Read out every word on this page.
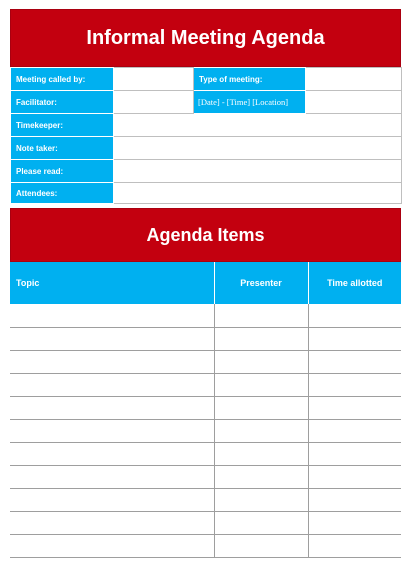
Informal Meeting Agenda
Meeting called by:		Type of meeting:	
Facilitator:		[Date] - [Time] [Location]	
Timekeeper:			
Note taker:			
Please read:			
Attendees:			
Agenda Items
Topic	Presenter	Time allotted
